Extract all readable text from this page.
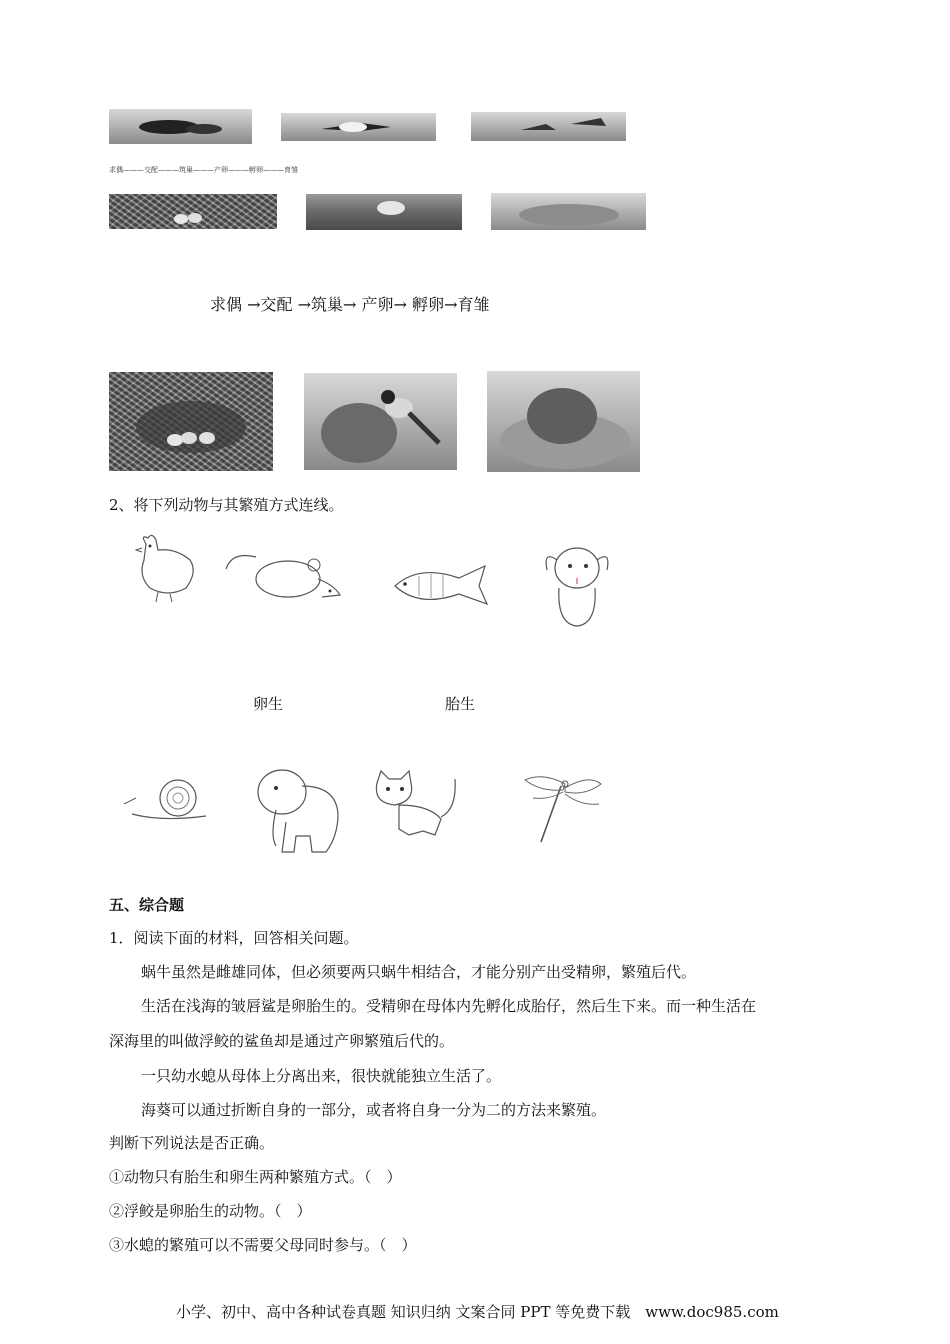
求偶———交配———筑巢———产卵———孵卵———育雏
求偶 →交配 →筑巢→ 产卵→ 孵卵→育雏
2、将下列动物与其繁殖方式连线。
卵生	胎生
五、综合题
1．阅读下面的材料，回答相关问题。
蜗牛虽然是雌雄同体，但必须要两只蜗牛相结合，才能分别产出受精卵，繁殖后代。
生活在浅海的皱唇鲨是卵胎生的。受精卵在母体内先孵化成胎仔，然后生下来。而一种生活在
深海里的叫做浮鲛的鲨鱼却是通过产卵繁殖后代的。
一只幼水螅从母体上分离出来，很快就能独立生活了。
海葵可以通过折断自身的一部分，或者将自身一分为二的方法来繁殖。
判断下列说法是否正确。
①动物只有胎生和卵生两种繁殖方式。（　）
②浮鲛是卵胎生的动物。（　）
③水螅的繁殖可以不需要父母同时参与。（　）
小学、初中、高中各种试卷真题 知识归纳 文案合同 PPT 等免费下载　www.doc985.com
